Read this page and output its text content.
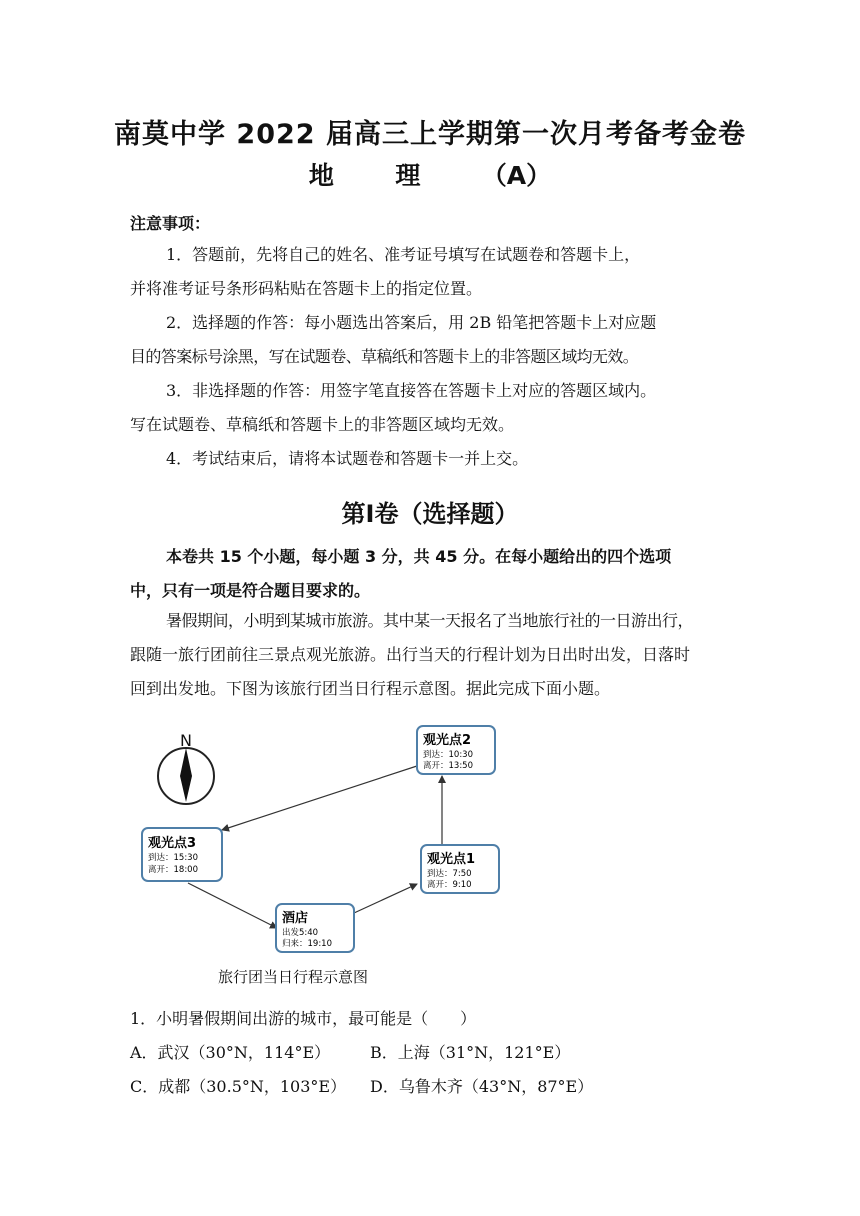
南莫中学 2022 届高三上学期第一次月考备考金卷
地 理 （A）
注意事项：
1．答题前，先将自己的姓名、准考证号填写在试题卷和答题卡上，
并将准考证号条形码粘贴在答题卡上的指定位置。
2．选择题的作答：每小题选出答案后，用 2B 铅笔把答题卡上对应题
目的答案标号涂黑，写在试题卷、草稿纸和答题卡上的非答题区域均无效。
3．非选择题的作答：用签字笔直接答在答题卡上对应的答题区域内。
写在试题卷、草稿纸和答题卡上的非答题区域均无效。
4．考试结束后，请将本试题卷和答题卡一并上交。
第Ⅰ卷（选择题）
本卷共 15 个小题，每小题 3 分，共 45 分。在每小题给出的四个选项
中，只有一项是符合题目要求的。
暑假期间，小明到某城市旅游。其中某一天报名了当地旅行社的一日游出行，
跟随一旅行团前往三景点观光旅游。出行当天的行程计划为日出时出发，日落时
回到出发地。下图为该旅行团当日行程示意图。据此完成下面小题。
N	观光点2
到达：10:30
离开：13:50
观光点3
到达：15:30
离开：18:00
观光点1
到达：7:50
离开：9:10
酒店
出发5:40
归来：19:10
旅行团当日行程示意图
1．小明暑假期间出游的城市，最可能是（　　）
A．武汉（30°N，114°E） B．上海（31°N，121°E）
C．成都（30.5°N，103°E） D．乌鲁木齐（43°N，87°E）
